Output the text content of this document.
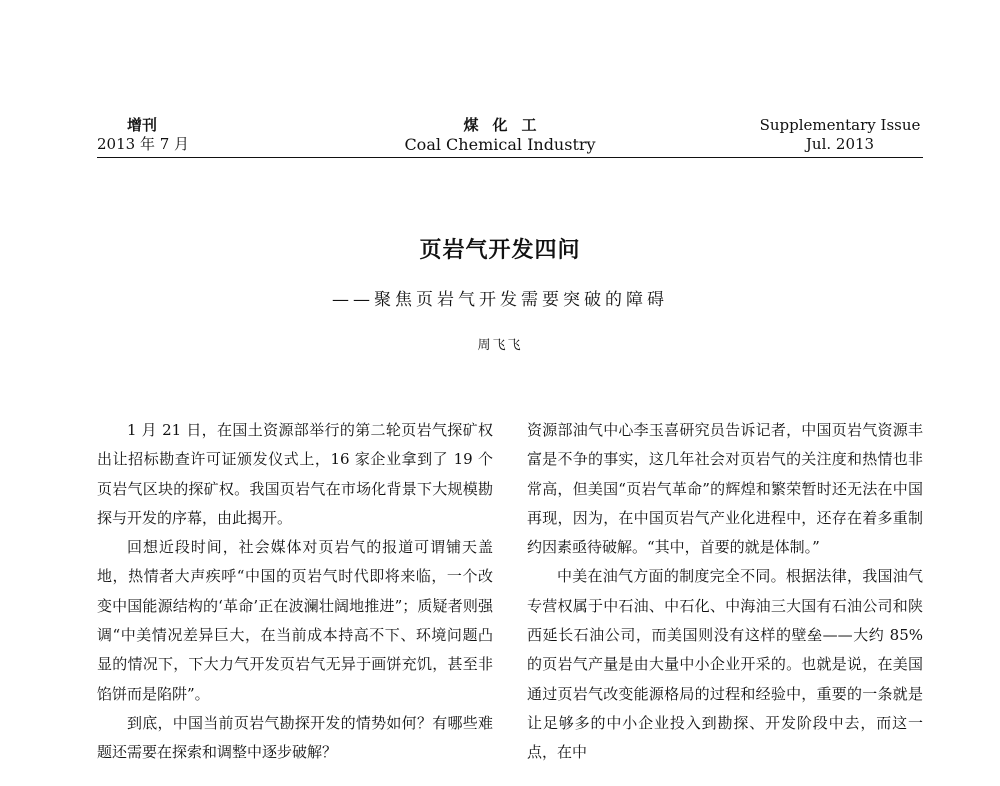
增刊
2013 年 7 月
煤化工
Coal Chemical Industry
Supplementary Issue
Jul. 2013
页岩气开发四问
——聚焦页岩气开发需要突破的障碍
周飞飞

1 月 21 日，在国土资源部举行的第二轮页岩气探矿权出让招标勘查许可证颁发仪式上，16 家企业拿到了 19 个页岩气区块的探矿权。我国页岩气在市场化背景下大规模勘探与开发的序幕，由此揭开。

回想近段时间，社会媒体对页岩气的报道可谓铺天盖地，热情者大声疾呼“中国的页岩气时代即将来临，一个改变中国能源结构的‘革命’正在波澜壮阔地推进”；质疑者则强调“中美情况差异巨大，在当前成本持高不下、环境问题凸显的情况下，下大力气开发页岩气无异于画饼充饥，甚至非馅饼而是陷阱”。

到底，中国当前页岩气勘探开发的情势如何？有哪些难题还需要在探索和调整中逐步破解？

资源部油气中心李玉喜研究员告诉记者，中国页岩气资源丰富是不争的事实，这几年社会对页岩气的关注度和热情也非常高，但美国“页岩气革命”的辉煌和繁荣暂时还无法在中国再现，因为，在中国页岩气产业化进程中，还存在着多重制约因素亟待破解。“其中，首要的就是体制。”

中美在油气方面的制度完全不同。根据法律，我国油气专营权属于中石油、中石化、中海油三大国有石油公司和陕西延长石油公司，而美国则没有这样的壁垒——大约 85% 的页岩气产量是由大量中小企业开采的。也就是说，在美国通过页岩气改变能源格局的过程和经验中，重要的一条就是让足够多的中小企业投入到勘探、开发阶段中去，而这一点，在中
